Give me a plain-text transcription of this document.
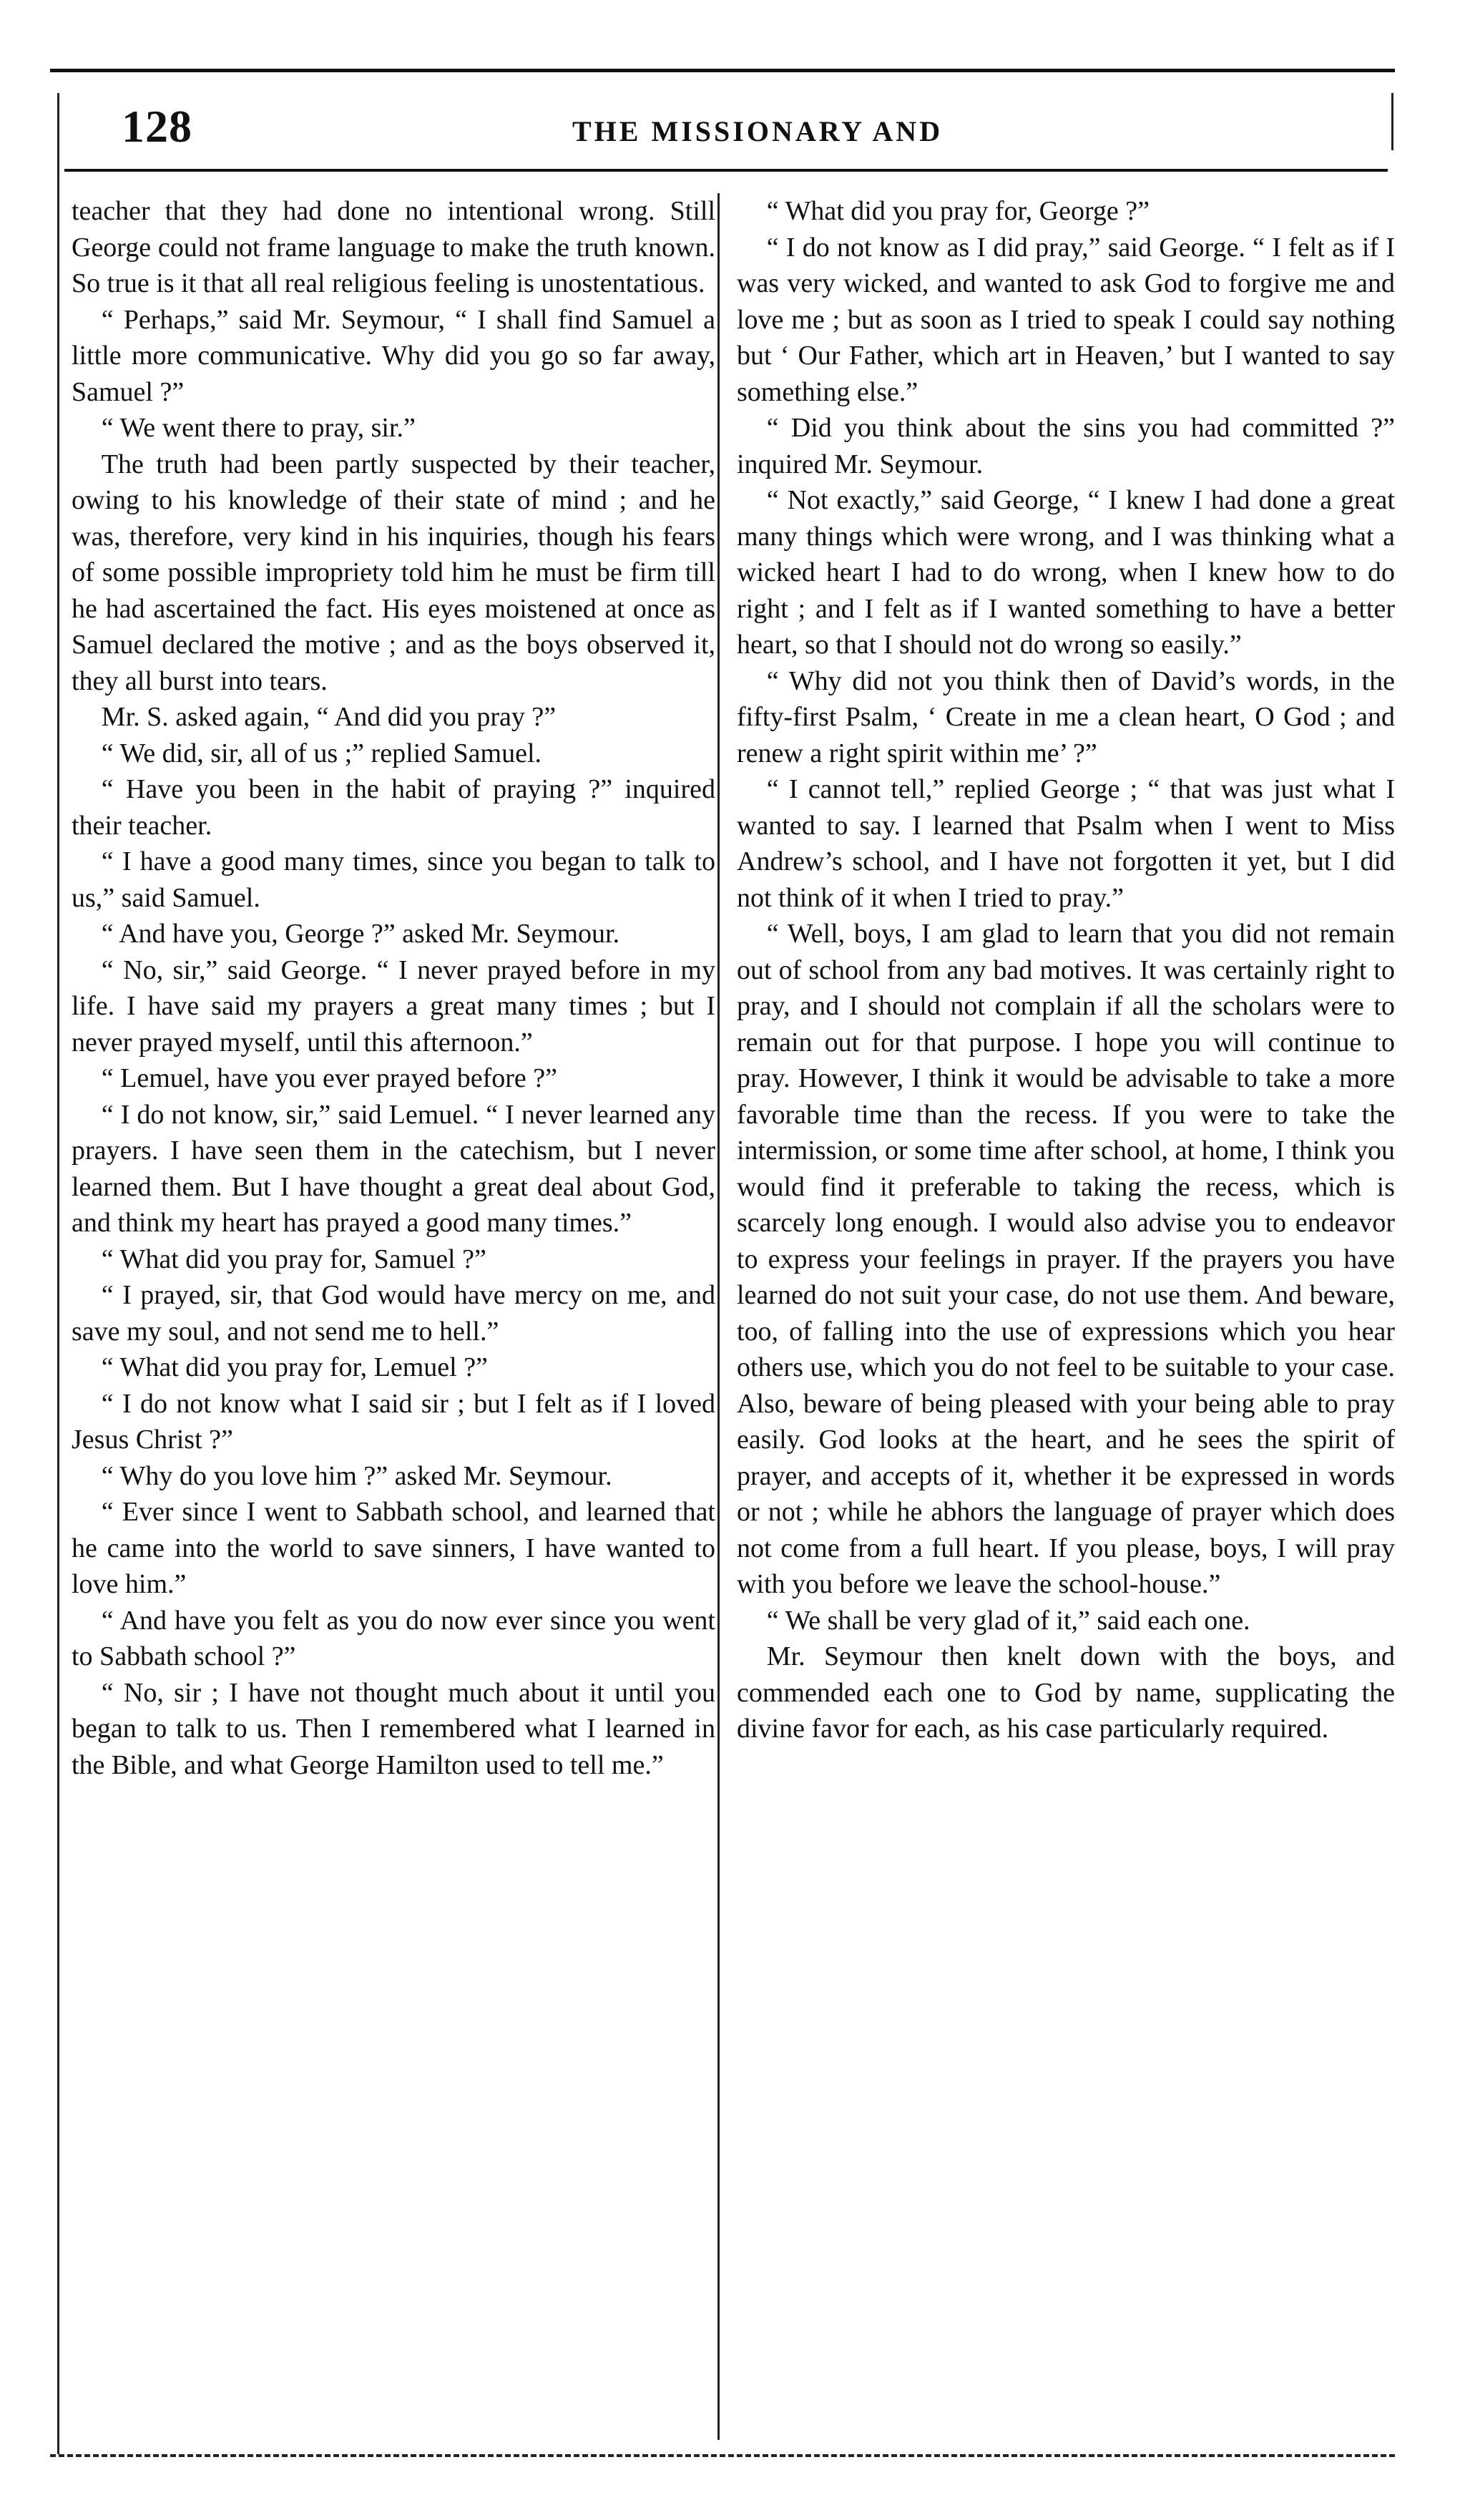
128	THE MISSIONARY AND

teacher that they had done no intentional wrong. Still George could not frame language to make the truth known. So true is it that all real religious feeling is unostentatious.

“ Perhaps,” said Mr. Seymour, “ I shall find Samuel a little more communicative. Why did you go so far away, Samuel ?”

“ We went there to pray, sir.”

The truth had been partly suspected by their teacher, owing to his knowledge of their state of mind ; and he was, therefore, very kind in his inquiries, though his fears of some possible impropriety told him he must be firm till he had ascertained the fact. His eyes moistened at once as Samuel declared the motive ; and as the boys observed it, they all burst into tears.

Mr. S. asked again, “ And did you pray ?”

“ We did, sir, all of us ;” replied Samuel.

“ Have you been in the habit of praying ?” inquired their teacher.

“ I have a good many times, since you began to talk to us,” said Samuel.

“ And have you, George ?” asked Mr. Seymour.

“ No, sir,” said George. “ I never prayed before in my life. I have said my prayers a great many times ; but I never prayed myself, until this afternoon.”

“ Lemuel, have you ever prayed before ?”

“ I do not know, sir,” said Lemuel. “ I never learned any prayers. I have seen them in the catechism, but I never learned them. But I have thought a great deal about God, and think my heart has prayed a good many times.”

“ What did you pray for, Samuel ?”

“ I prayed, sir, that God would have mercy on me, and save my soul, and not send me to hell.”

“ What did you pray for, Lemuel ?”

“ I do not know what I said sir ; but I felt as if I loved Jesus Christ ?”

“ Why do you love him ?” asked Mr. Seymour.

“ Ever since I went to Sabbath school, and learned that he came into the world to save sinners, I have wanted to love him.”

“ And have you felt as you do now ever since you went to Sabbath school ?”

“ No, sir ; I have not thought much about it until you began to talk to us. Then I remembered what I learned in the Bible, and what George Hamilton used to tell me.”

“ What did you pray for, George ?”

“ I do not know as I did pray,” said George. “ I felt as if I was very wicked, and wanted to ask God to forgive me and love me ; but as soon as I tried to speak I could say nothing but ‘ Our Father, which art in Heaven,’ but I wanted to say something else.”

“ Did you think about the sins you had committed ?” inquired Mr. Seymour.

“ Not exactly,” said George, “ I knew I had done a great many things which were wrong, and I was thinking what a wicked heart I had to do wrong, when I knew how to do right ; and I felt as if I wanted something to have a better heart, so that I should not do wrong so easily.”

“ Why did not you think then of David’s words, in the fifty-first Psalm, ‘ Create in me a clean heart, O God ; and renew a right spirit within me’ ?”

“ I cannot tell,” replied George ; “ that was just what I wanted to say. I learned that Psalm when I went to Miss Andrew’s school, and I have not forgotten it yet, but I did not think of it when I tried to pray.”

“ Well, boys, I am glad to learn that you did not remain out of school from any bad motives. It was certainly right to pray, and I should not complain if all the scholars were to remain out for that purpose. I hope you will continue to pray. However, I think it would be advisable to take a more favorable time than the recess. If you were to take the intermission, or some time after school, at home, I think you would find it preferable to taking the recess, which is scarcely long enough. I would also advise you to endeavor to express your feelings in prayer. If the prayers you have learned do not suit your case, do not use them. And beware, too, of falling into the use of expressions which you hear others use, which you do not feel to be suitable to your case. Also, beware of being pleased with your being able to pray easily. God looks at the heart, and he sees the spirit of prayer, and accepts of it, whether it be expressed in words or not ; while he abhors the language of prayer which does not come from a full heart. If you please, boys, I will pray with you before we leave the school-house.”

“ We shall be very glad of it,” said each one.

Mr. Seymour then knelt down with the boys, and commended each one to God by name, supplicating the divine favor for each, as his case particularly required.
